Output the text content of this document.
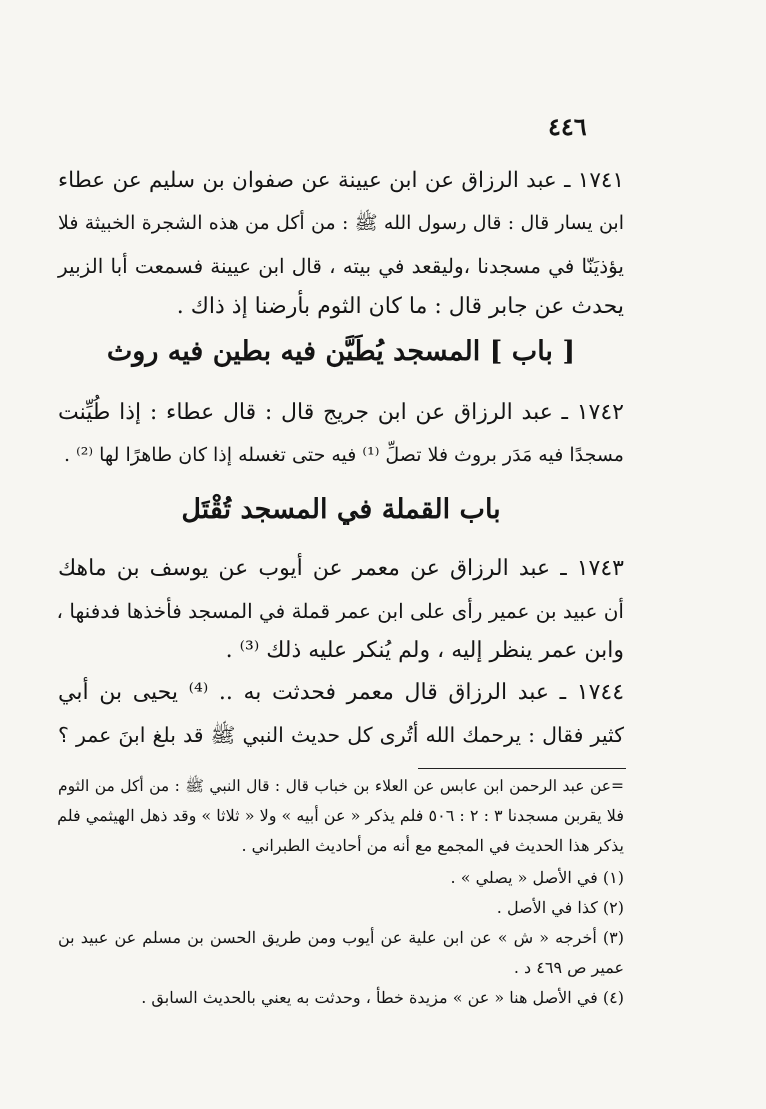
٤٤٦
١٧٤١ ـ عبد الرزاق عن ابن عيينة عن صفوان بن سليم عن عطاء
ابن يسار قال : قال رسول الله ﷺ : من أكل من هذه الشجرة الخبيثة فلا
يؤذيَنّا في مسجدنا ،وليقعد في بيته ، قال ابن عيينة فسمعت أبا الزبير
يحدث عن جابر قال : ما كان الثوم بأرضنا إذ ذاك .
[ باب ] المسجد يُطَيَّن فيه بطين فيه روث
١٧٤٢ ـ عبد الرزاق عن ابن جريج قال : قال عطاء : إذا طُيِّنت
مسجدًا فيه مَدَر بروث فلا تصلِّ ⁽¹⁾ فيه حتى تغسله إذا كان طاهرًا لها ⁽²⁾ .
باب القملة في المسجد تُقْتَل
١٧٤٣ ـ عبد الرزاق عن معمر عن أيوب عن يوسف بن ماهك
أن عبيد بن عمير رأى على ابن عمر قملة في المسجد فأخذها فدفنها ،
وابن عمر ينظر إليه ، ولم يُنكر عليه ذلك ⁽³⁾ .
١٧٤٤ ـ عبد الرزاق قال معمر فحدثت به .. ⁽⁴⁾ يحيى بن أبي
كثير فقال : يرحمك الله أتُرى كل حديث النبي ﷺ قد بلغ ابنَ عمر ؟
=عن عبد الرحمن ابن عابس عن العلاء بن خباب قال : قال النبي ﷺ : من أكل من الثوم
فلا يقربن مسجدنا ٣ : ٢ : ٥٠٦ فلم يذكر « عن أبيه » ولا « ثلاثا » وقد ذهل الهيثمي فلم
يذكر هذا الحديث في المجمع مع أنه من أحاديث الطبراني .
(١) في الأصل « يصلي » .
(٢) كذا في الأصل .
(٣) أخرجه « ش » عن ابن علية عن أيوب ومن طريق الحسن بن مسلم عن عبيد بن
عمير ص ٤٦٩ د .
(٤) في الأصل هنا « عن » مزيدة خطأ ، وحدثت به يعني بالحديث السابق .
